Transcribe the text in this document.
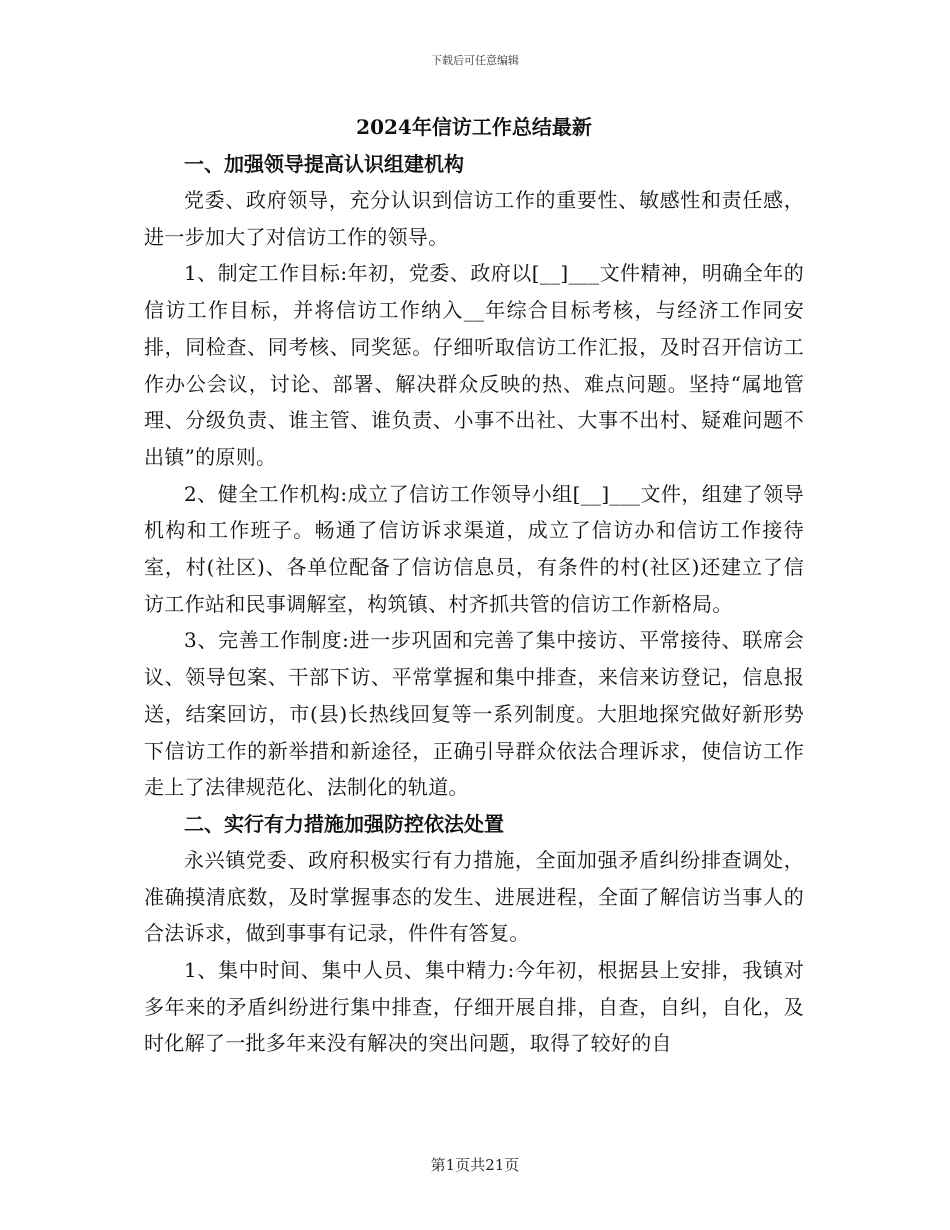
下载后可任意编辑
2024年信访工作总结最新
一、加强领导提高认识组建机构

党委、政府领导，充分认识到信访工作的重要性、敏感性和责任感，进一步加大了对信访工作的领导。

1、制定工作目标:年初，党委、政府以[__]___文件精神，明确全年的信访工作目标，并将信访工作纳入__年综合目标考核，与经济工作同安排，同检查、同考核、同奖惩。仔细听取信访工作汇报，及时召开信访工作办公会议，讨论、部署、解决群众反映的热、难点问题。坚持“属地管理、分级负责、谁主管、谁负责、小事不出社、大事不出村、疑难问题不出镇”的原则。

2、健全工作机构:成立了信访工作领导小组[__]___文件，组建了领导机构和工作班子。畅通了信访诉求渠道，成立了信访办和信访工作接待室，村(社区)、各单位配备了信访信息员，有条件的村(社区)还建立了信访工作站和民事调解室，构筑镇、村齐抓共管的信访工作新格局。

3、完善工作制度:进一步巩固和完善了集中接访、平常接待、联席会议、领导包案、干部下访、平常掌握和集中排查，来信来访登记，信息报送，结案回访，市(县)长热线回复等一系列制度。大胆地探究做好新形势下信访工作的新举措和新途径，正确引导群众依法合理诉求，使信访工作走上了法律规范化、法制化的轨道。

二、实行有力措施加强防控依法处置

永兴镇党委、政府积极实行有力措施，全面加强矛盾纠纷排查调处，准确摸清底数，及时掌握事态的发生、进展进程，全面了解信访当事人的合法诉求，做到事事有记录，件件有答复。

1、集中时间、集中人员、集中精力:今年初，根据县上安排，我镇对多年来的矛盾纠纷进行集中排查，仔细开展自排，自查，自纠，自化，及时化解了一批多年来没有解决的突出问题，取得了较好的自

第1页共21页
